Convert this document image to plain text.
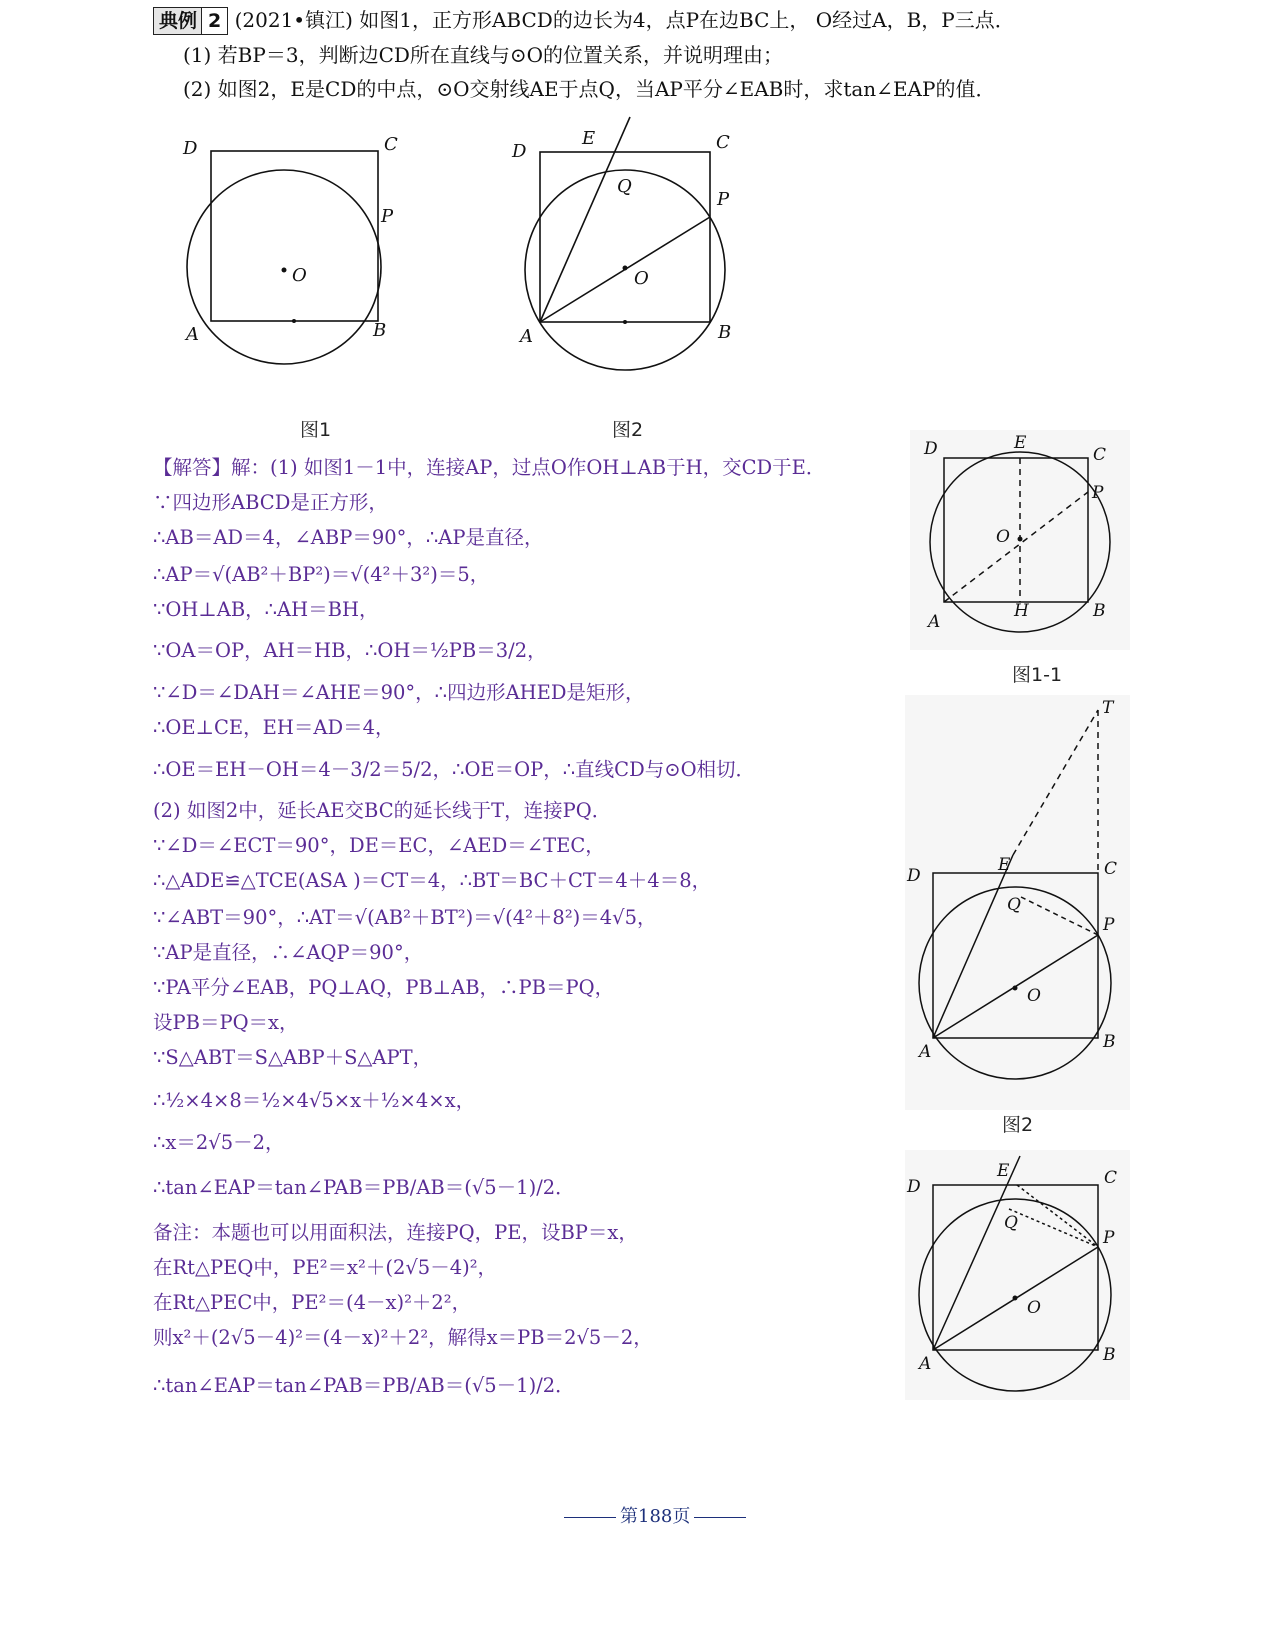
典例 2 (2021•镇江) 如图1，正方形ABCD的边长为4，点P在边BC上， O经过A，B，P三点．
(1) 若BP＝3，判断边CD所在直线与⊙O的位置关系，并说明理由；
(2) 如图2，E是CD的中点，⊙O交射线AE于点Q，当AP平分∠EAB时，求tan∠EAP的值．
D	C
P
O
A	B
D
E	C
Q
P
O
A	B
图1	图2
D	E
C
P
O
H
A
B
图1-1
T
D
E	C
Q
P
O
A	B
图2
D
E	C
Q
P
O
A	B
【解答】解：(1) 如图1－1中，连接AP，过点O作OH⊥AB于H，交CD于E．
∵四边形ABCD是正方形，
∴AB＝AD＝4，∠ABP＝90°，∴AP是直径，
∴AP＝√(AB²＋BP²)＝√(4²＋3²)＝5，
∵OH⊥AB，∴AH＝BH，
∵OA＝OP，AH＝HB，∴OH＝½PB＝3/2，
∵∠D＝∠DAH＝∠AHE＝90°，∴四边形AHED是矩形，
∴OE⊥CE，EH＝AD＝4，
∴OE＝EH－OH＝4－3/2＝5/2，∴OE＝OP，∴直线CD与⊙O相切．
(2) 如图2中，延长AE交BC的延长线于T，连接PQ．
∵∠D＝∠ECT＝90°，DE＝EC，∠AED＝∠TEC，
∴△ADE≌△TCE(ASA )＝CT＝4，∴BT＝BC＋CT＝4＋4＝8，
∵∠ABT＝90°，∴AT＝√(AB²＋BT²)＝√(4²＋8²)＝4√5，
∵AP是直径，∴∠AQP＝90°，
∵PA平分∠EAB，PQ⊥AQ，PB⊥AB，∴PB＝PQ，
设PB＝PQ＝x，
∵S△ABT＝S△ABP＋S△APT，
∴½×4×8＝½×4√5×x＋½×4×x，
∴x＝2√5－2，
∴tan∠EAP＝tan∠PAB＝PB/AB＝(√5－1)/2．
备注：本题也可以用面积法，连接PQ，PE，设BP＝x，
在Rt△PEQ中，PE²＝x²＋(2√5－4)²，
在Rt△PEC中，PE²＝(4－x)²＋2²，
则x²＋(2√5－4)²＝(4－x)²＋2²，解得x＝PB＝2√5－2，
∴tan∠EAP＝tan∠PAB＝PB/AB＝(√5－1)/2．
第188页
